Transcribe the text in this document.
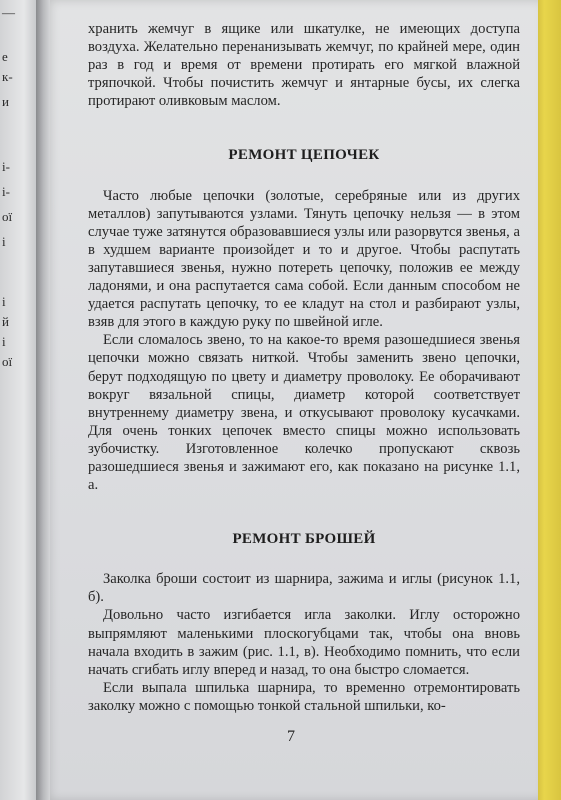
—
е
к-
и
і-
і-
ої
і
і
й
і
ої

хранить жемчуг в ящике или шкатулке, не имеющих доступа воздуха. Желательно перенанизывать жемчуг, по крайней мере, один раз в год и время от времени протирать его мягкой влажной тряпочкой. Чтобы почистить жемчуг и янтарные бусы, их слегка протирают оливковым маслом.

РЕМОНТ ЦЕПОЧЕК

Часто любые цепочки (золотые, серебряные или из других металлов) запутываются узлами. Тянуть цепочку нельзя — в этом случае туже затянутся образовавшиеся узлы или разорвутся звенья, а в худшем варианте произойдет и то и другое. Чтобы распутать запутавшиеся звенья, нужно потереть цепочку, положив ее между ладонями, и она распутается сама собой. Если данным способом не удается распутать цепочку, то ее кладут на стол и разбирают узлы, взяв для этого в каждую руку по швейной игле.

Если сломалось звено, то на какое-то время разошедшиеся звенья цепочки можно связать ниткой. Чтобы заменить звено цепочки, берут подходящую по цвету и диаметру проволоку. Ее оборачивают вокруг вязальной спицы, диаметр которой соответствует внутреннему диаметру звена, и откусывают проволоку кусачками. Для очень тонких цепочек вместо спицы можно использовать зубочистку. Изготовленное колечко пропускают сквозь разошедшиеся звенья и зажимают его, как показано на рисунке 1.1, а.

РЕМОНТ БРОШЕЙ

Заколка броши состоит из шарнира, зажима и иглы (рисунок 1.1, б).

Довольно часто изгибается игла заколки. Иглу осторожно выпрямляют маленькими плоскогубцами так, чтобы она вновь начала входить в зажим (рис. 1.1, в). Необходимо помнить, что если начать сгибать иглу вперед и назад, то она быстро сломается.

Если выпала шпилька шарнира, то временно отремонтировать заколку можно с помощью тонкой стальной шпильки, ко-

7
